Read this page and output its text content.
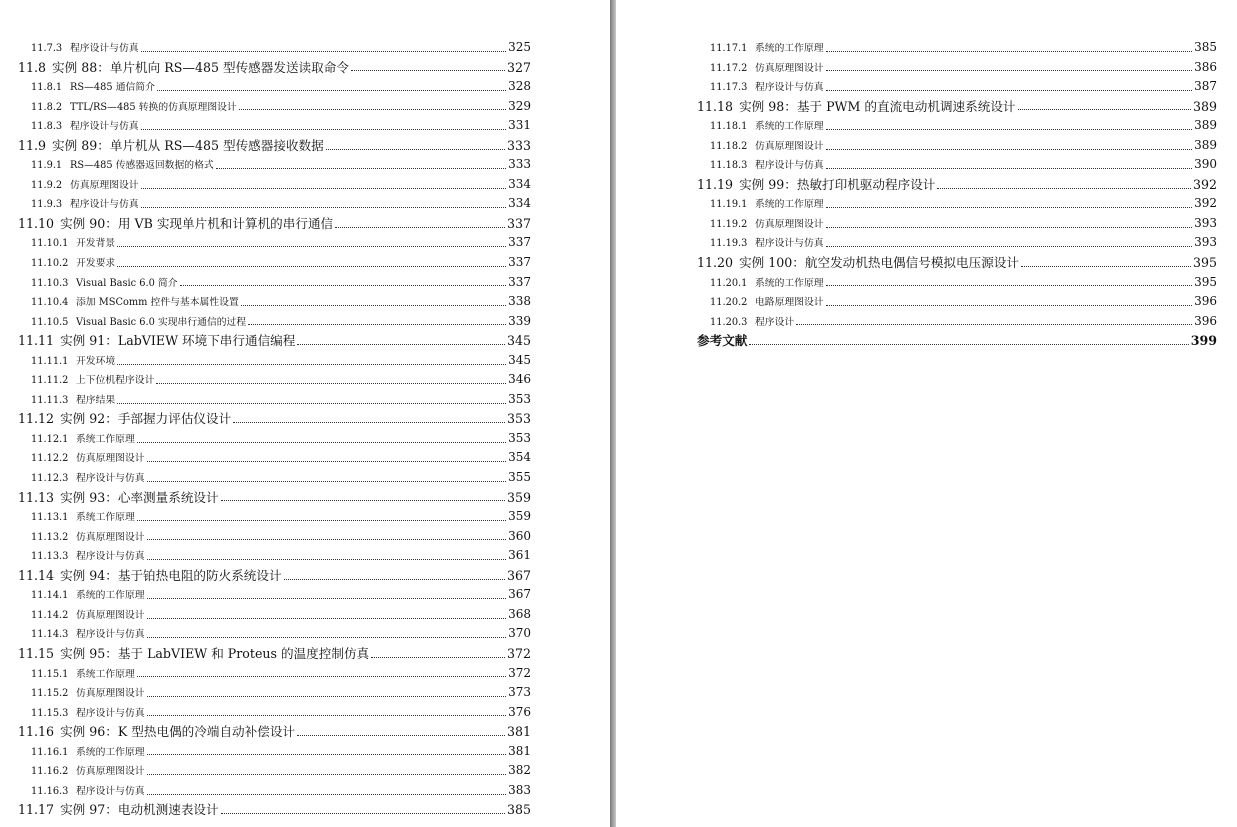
11.7.3 程序设计与仿真	325
11.8 实例 88：单片机向 RS—485 型传感器发送读取命令	327
11.8.1 RS—485 通信简介	328
11.8.2 TTL/RS—485 转换的仿真原理图设计	329
11.8.3 程序设计与仿真	331
11.9 实例 89：单片机从 RS—485 型传感器接收数据	333
11.9.1 RS—485 传感器返回数据的格式	333
11.9.2 仿真原理图设计	334
11.9.3 程序设计与仿真	334
11.10 实例 90：用 VB 实现单片机和计算机的串行通信	337
11.10.1 开发背景	337
11.10.2 开发要求	337
11.10.3 Visual Basic 6.0 简介	337
11.10.4 添加 MSComm 控件与基本属性设置	338
11.10.5 Visual Basic 6.0 实现串行通信的过程	339
11.11 实例 91：LabVIEW 环境下串行通信编程	345
11.11.1 开发环境	345
11.11.2 上下位机程序设计	346
11.11.3 程序结果	353
11.12 实例 92：手部握力评估仪设计	353
11.12.1 系统工作原理	353
11.12.2 仿真原理图设计	354
11.12.3 程序设计与仿真	355
11.13 实例 93：心率测量系统设计	359
11.13.1 系统工作原理	359
11.13.2 仿真原理图设计	360
11.13.3 程序设计与仿真	361
11.14 实例 94：基于铂热电阻的防火系统设计	367
11.14.1 系统的工作原理	367
11.14.2 仿真原理图设计	368
11.14.3 程序设计与仿真	370
11.15 实例 95：基于 LabVIEW 和 Proteus 的温度控制仿真	372
11.15.1 系统工作原理	372
11.15.2 仿真原理图设计	373
11.15.3 程序设计与仿真	376
11.16 实例 96：K 型热电偶的冷端自动补偿设计	381
11.16.1 系统的工作原理	381
11.16.2 仿真原理图设计	382
11.16.3 程序设计与仿真	383
11.17 实例 97：电动机测速表设计	385
11.17.1 系统的工作原理	385
11.17.2 仿真原理图设计	386
11.17.3 程序设计与仿真	387
11.18 实例 98：基于 PWM 的直流电动机调速系统设计	389
11.18.1 系统的工作原理	389
11.18.2 仿真原理图设计	389
11.18.3 程序设计与仿真	390
11.19 实例 99：热敏打印机驱动程序设计	392
11.19.1 系统的工作原理	392
11.19.2 仿真原理图设计	393
11.19.3 程序设计与仿真	393
11.20 实例 100：航空发动机热电偶信号模拟电压源设计	395
11.20.1 系统的工作原理	395
11.20.2 电路原理图设计	396
11.20.3 程序设计	396
参考文献	399
